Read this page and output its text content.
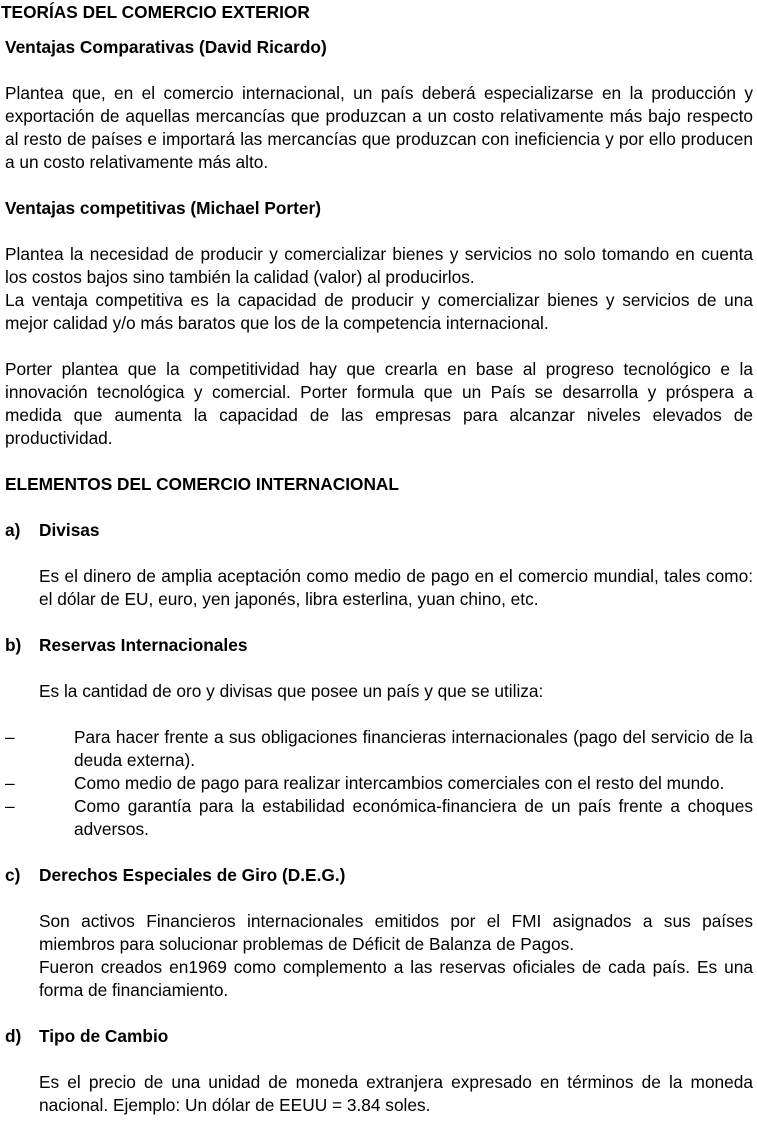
TEORÍAS DEL COMERCIO EXTERIOR
Ventajas Comparativas (David Ricardo)

Plantea que, en el comercio internacional, un país deberá especializarse en la producción y exportación de aquellas mercancías que produzcan a un costo relativamente más bajo respecto al resto de países e importará las mercancías que produzcan con ineficiencia y por ello producen a un costo relativamente más alto.

Ventajas competitivas (Michael Porter)

Plantea la necesidad de producir y comercializar bienes y servicios no solo tomando en cuenta los costos bajos sino también la calidad (valor) al producirlos.

La ventaja competitiva es la capacidad de producir y comercializar bienes y servicios de una mejor calidad y/o más baratos que los de la competencia internacional.

Porter plantea que la competitividad hay que crearla en base al progreso tecnológico e la innovación tecnológica y comercial. Porter formula que un País se desarrolla y próspera a medida que aumenta la capacidad de las empresas para alcanzar niveles elevados de productividad.

ELEMENTOS DEL COMERCIO INTERNACIONAL
a)	Divisas

Es el dinero de amplia aceptación como medio de pago en el comercio mundial, tales como: el dólar de EU, euro, yen japonés, libra esterlina, yuan chino, etc.

b)	Reservas Internacionales

Es la cantidad de oro y divisas que posee un país y que se utiliza:

–	Para hacer frente a sus obligaciones financieras internacionales (pago del servicio de la deuda externa).
–	Como medio de pago para realizar intercambios comerciales con el resto del mundo.
–	Como garantía para la estabilidad económica-financiera de un país frente a choques adversos.
c)	Derechos Especiales de Giro (D.E.G.)

Son activos Financieros internacionales emitidos por el FMI asignados a sus países miembros para solucionar problemas de Déficit de Balanza de Pagos.

Fueron creados en1969 como complemento a las reservas oficiales de cada país. Es una forma de financiamiento.

d)	Tipo de Cambio

Es el precio de una unidad de moneda extranjera expresado en términos de la moneda nacional. Ejemplo: Un dólar de EEUU = 3.84 soles.
